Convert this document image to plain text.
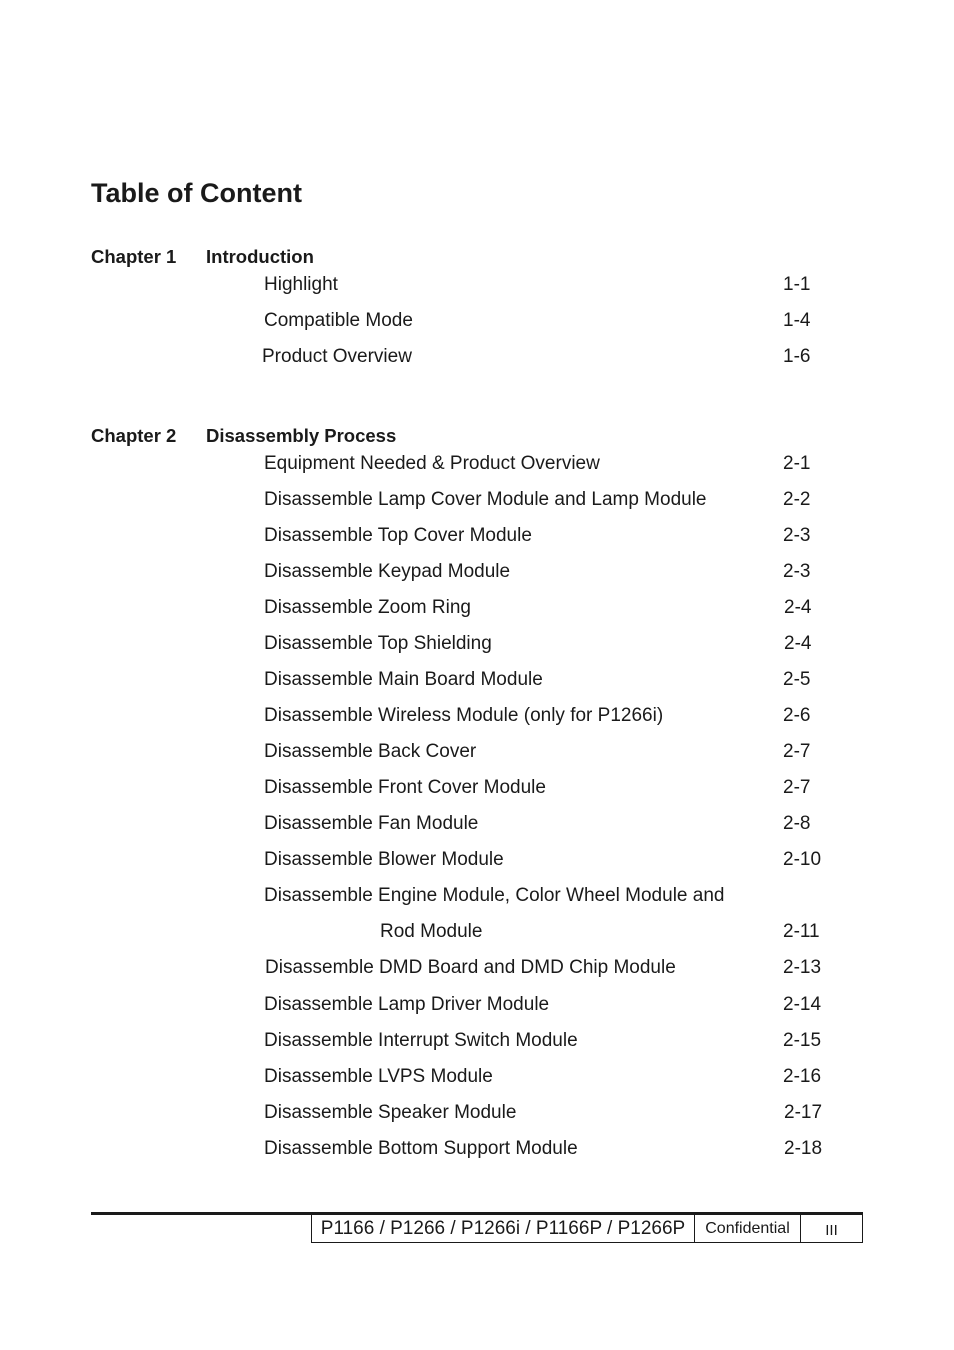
Table of Content
Chapter 1 Introduction
Highlight	1-1
Compatible Mode	1-4
Product Overview	1-6
Chapter 2 Disassembly Process
Equipment Needed & Product Overview	2-1
Disassemble Lamp Cover Module and Lamp Module	2-2
Disassemble Top Cover Module	2-3
Disassemble Keypad Module	2-3
Disassemble Zoom Ring	2-4
Disassemble Top Shielding	2-4
Disassemble Main Board Module	2-5
Disassemble Wireless Module (only for P1266i)	2-6
Disassemble Back Cover	2-7
Disassemble Front Cover Module	2-7
Disassemble Fan Module	2-8
Disassemble Blower Module	2-10
Disassemble Engine Module, Color Wheel Module and
Rod Module	2-11
Disassemble DMD Board and DMD Chip Module	2-13
Disassemble Lamp Driver Module	2-14
Disassemble Interrupt Switch Module	2-15
Disassemble LVPS Module	2-16
Disassemble Speaker Module	2-17
Disassemble Bottom Support Module	2-18
P1166 / P1266 / P1266i / P1166P / P1266P	Confidential	III
